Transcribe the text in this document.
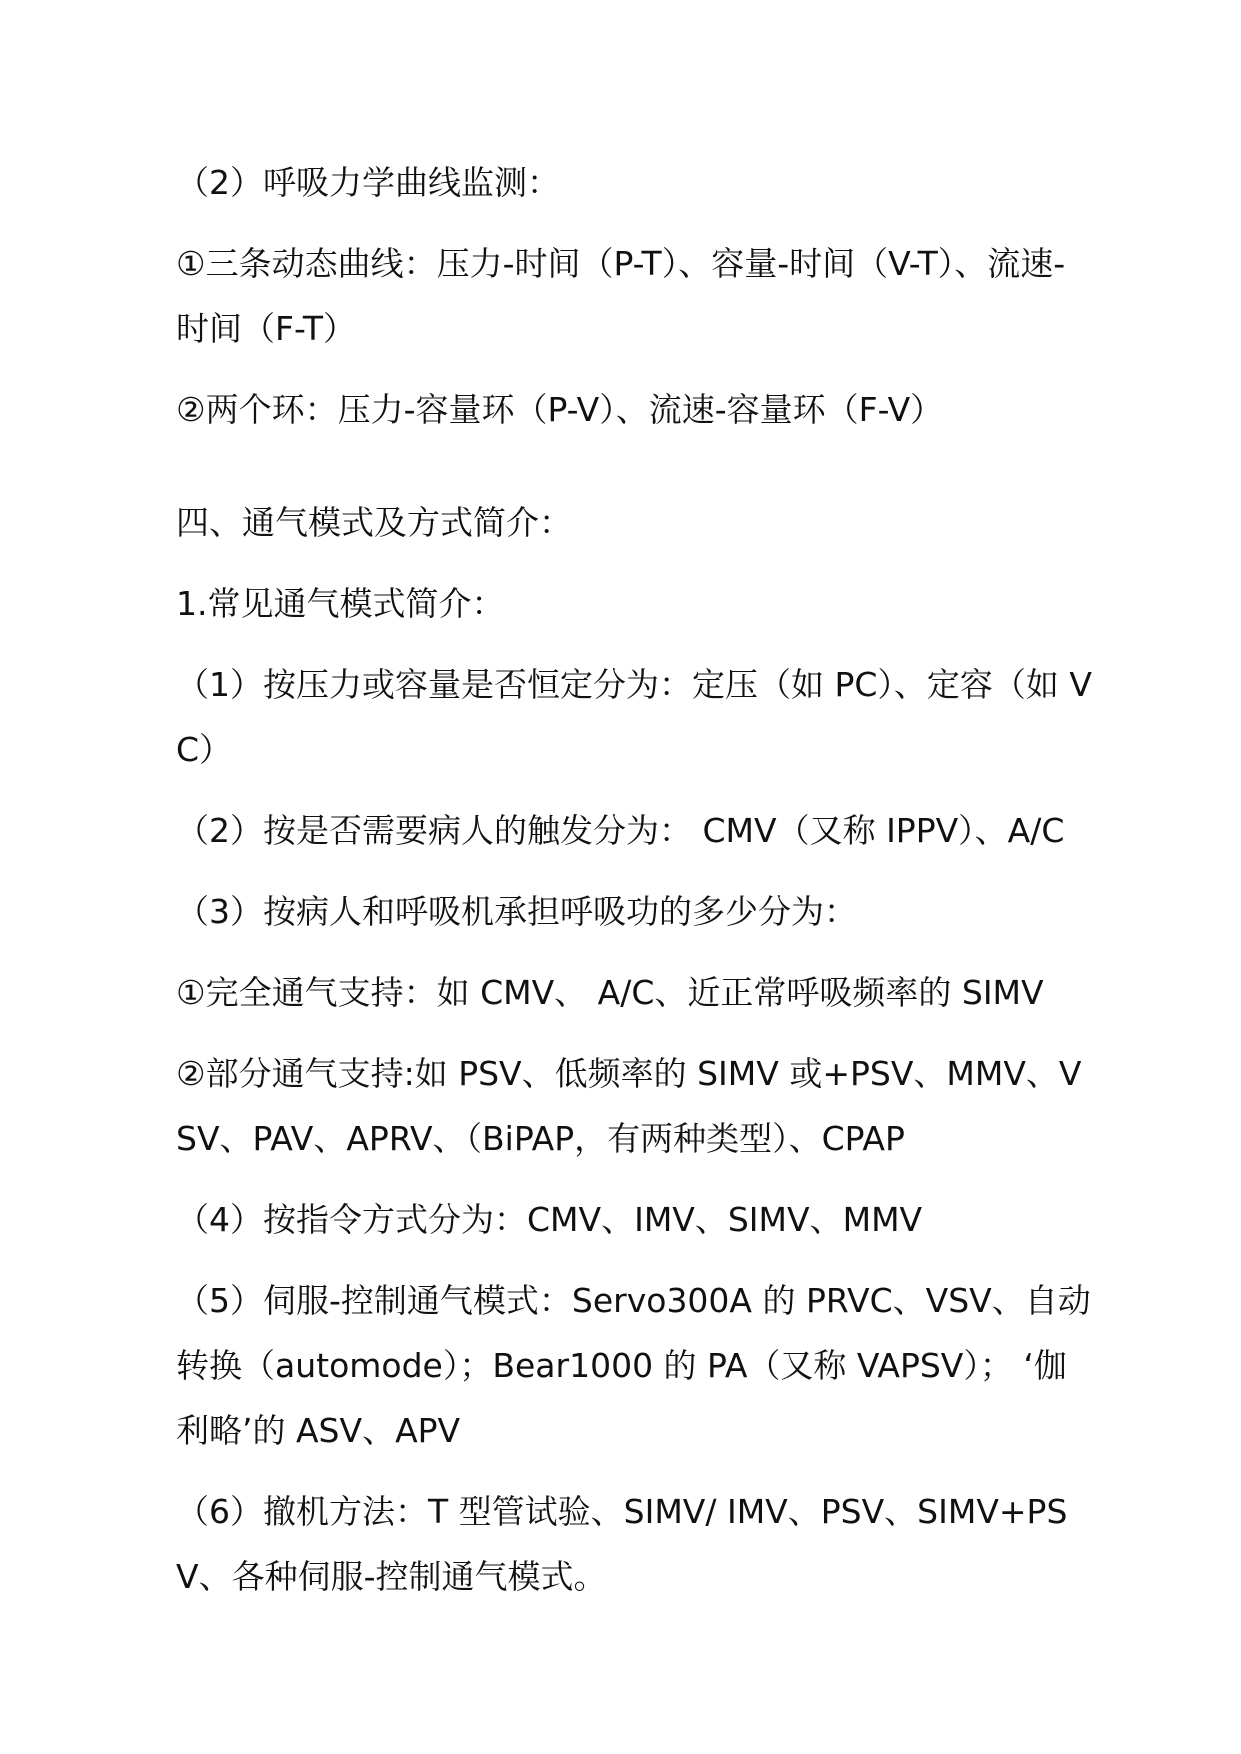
（2）呼吸力学曲线监测：

①三条动态曲线：压力-时间（P-T）、容量-时间（V-T）、流速-时间（F-T）

②两个环：压力-容量环（P-V）、流速-容量环（F-V）

四、通气模式及方式简介：

1.常见通气模式简介：

（1）按压力或容量是否恒定分为：定压（如 PC）、定容（如 VC）

（2）按是否需要病人的触发分为： CMV（又称 IPPV）、A/C

（3）按病人和呼吸机承担呼吸功的多少分为：

①完全通气支持：如 CMV、 A/C、近正常呼吸频率的 SIMV

②部分通气支持:如 PSV、低频率的 SIMV 或+PSV、MMV、VSV、PAV、APRV、（BiPAP，有两种类型）、CPAP

（4）按指令方式分为：CMV、IMV、SIMV、MMV

（5）伺服-控制通气模式：Servo300A 的 PRVC、VSV、自动转换（automode）；Bear1000 的 PA（又称 VAPSV）； ‘伽利略’的 ASV、APV

（6）撤机方法：T 型管试验、SIMV/ IMV、PSV、SIMV+PSV、各种伺服-控制通气模式。
